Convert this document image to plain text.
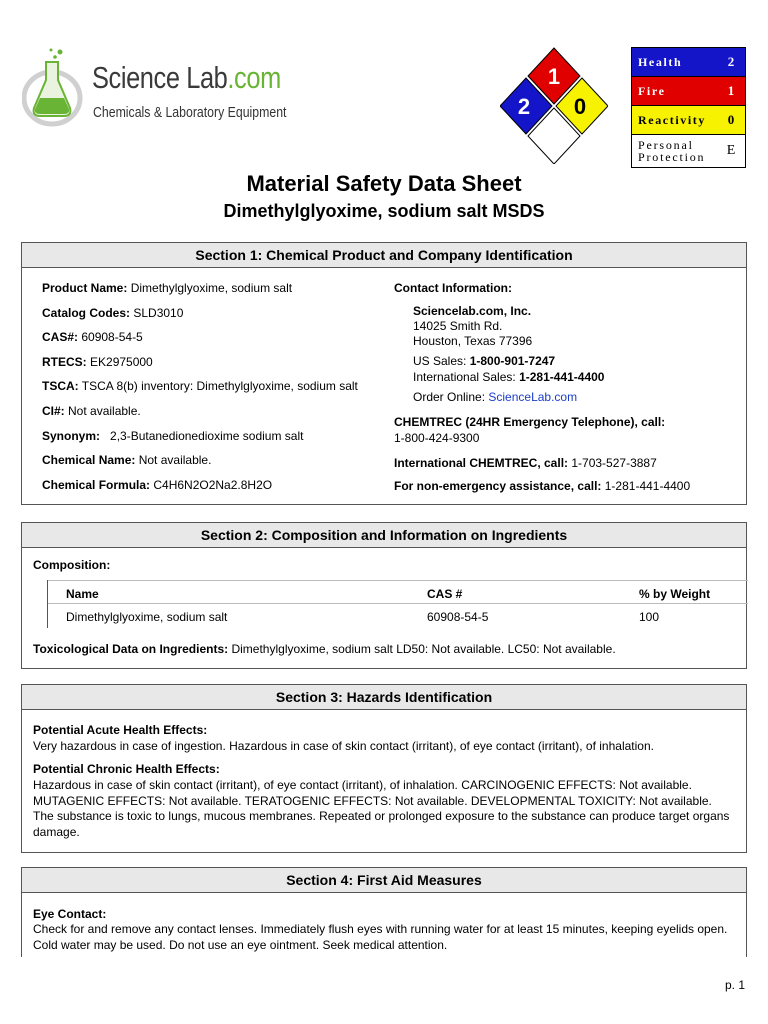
Science Lab.com
Chemicals & Laboratory Equipment
1
2 0
Health	2
Fire	1
Reactivity	0
Personal
Protection	E
Material Safety Data Sheet
Dimethylglyoxime, sodium salt MSDS
Section 1: Chemical Product and Company Identification
Product Name: Dimethylglyoxime, sodium salt
Catalog Codes: SLD3010
CAS#: 60908-54-5
RTECS: EK2975000
TSCA: TSCA 8(b) inventory: Dimethylglyoxime, sodium salt
CI#: Not available.
Synonym:   2,3-Butanedionedioxime sodium salt
Chemical Name: Not available.
Chemical Formula: C4H6N2O2Na2.8H2O
Contact Information:
Sciencelab.com, Inc.
14025 Smith Rd.
Houston, Texas 77396
US Sales: 1-800-901-7247
International Sales: 1-281-441-4400
Order Online: ScienceLab.com
CHEMTREC (24HR Emergency Telephone), call:
1-800-424-9300
International CHEMTREC, call: 1-703-527-3887
For non-emergency assistance, call: 1-281-441-4400
Section 2: Composition and Information on Ingredients
Composition:
Name	CAS #	% by Weight
Dimethylglyoxime, sodium salt	60908-54-5	100
Toxicological Data on Ingredients: Dimethylglyoxime, sodium salt LD50: Not available. LC50: Not available.
Section 3: Hazards Identification
Potential Acute Health Effects:
Very hazardous in case of ingestion. Hazardous in case of skin contact (irritant), of eye contact (irritant), of inhalation.
Potential Chronic Health Effects:
Hazardous in case of skin contact (irritant), of eye contact (irritant), of inhalation. CARCINOGENIC EFFECTS: Not available. MUTAGENIC EFFECTS: Not available. TERATOGENIC EFFECTS: Not available. DEVELOPMENTAL TOXICITY: Not available. The substance is toxic to lungs, mucous membranes. Repeated or prolonged exposure to the substance can produce target organs damage.
Section 4: First Aid Measures
Eye Contact:
Check for and remove any contact lenses. Immediately flush eyes with running water for at least 15 minutes, keeping eyelids open. Cold water may be used. Do not use an eye ointment. Seek medical attention.
p. 1
